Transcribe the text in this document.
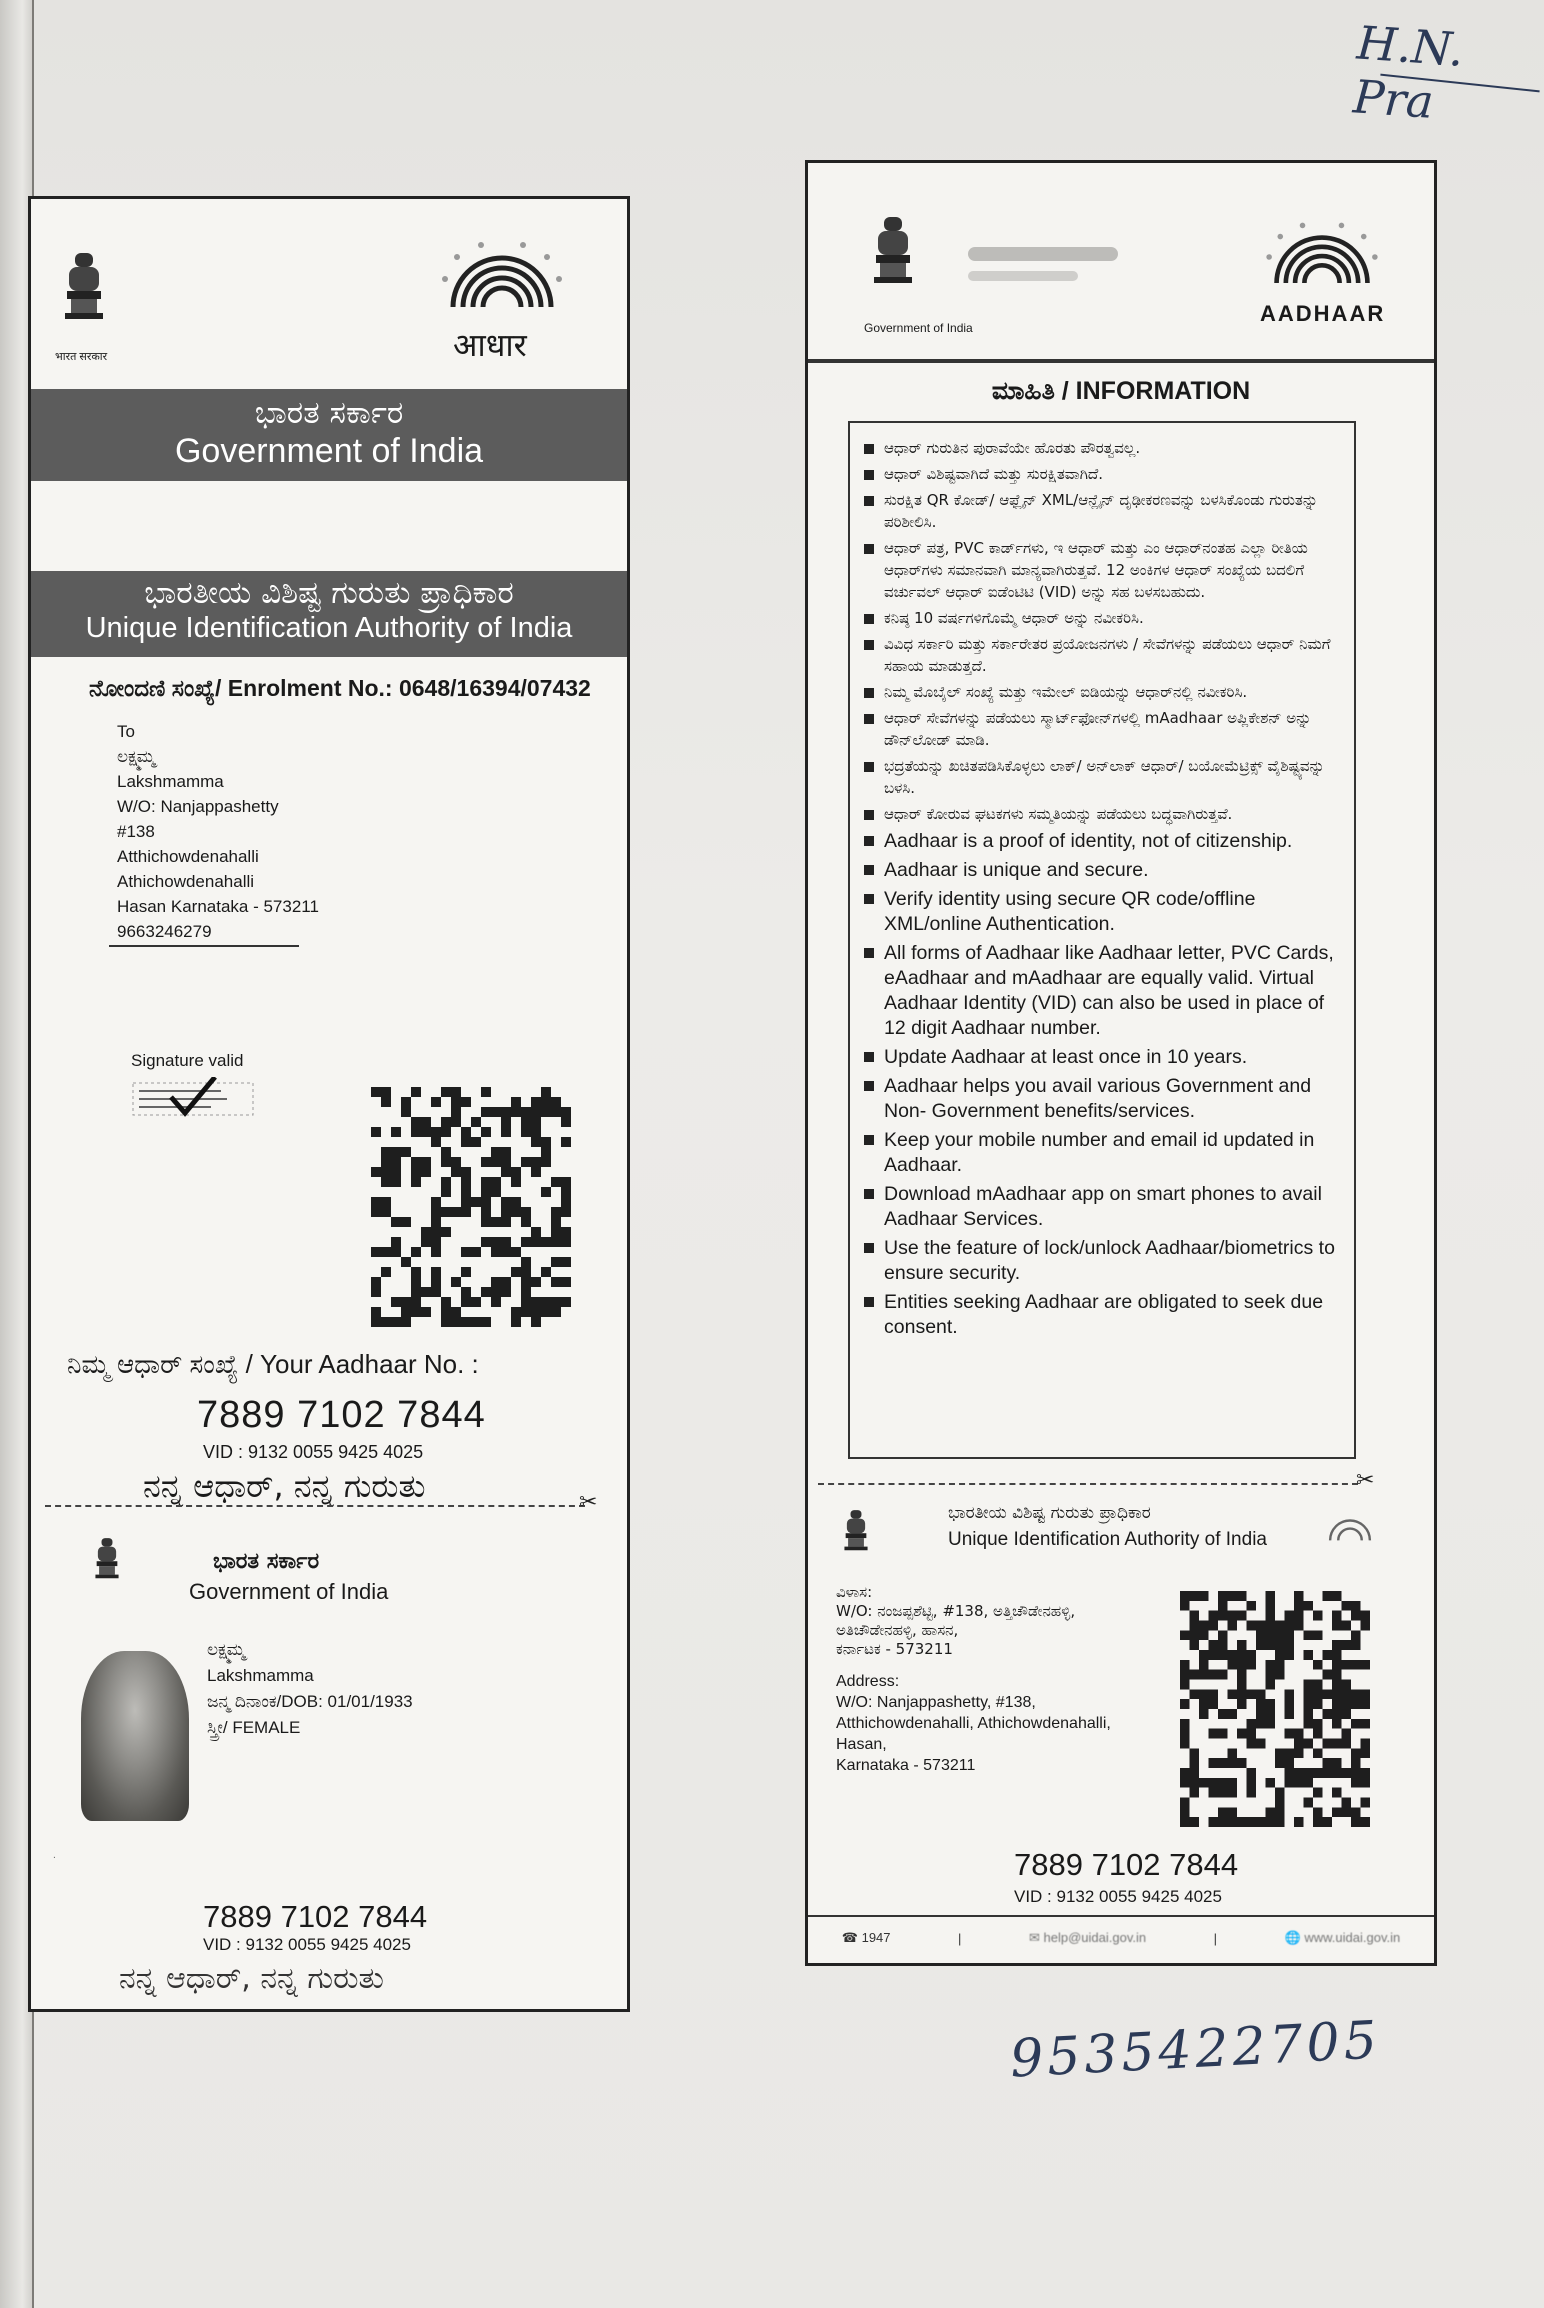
H.N. Pra
भारत सरकार	आधार
ಭಾರತ ಸರ್ಕಾರ
Government of India
ಭಾರತೀಯ ವಿಶಿಷ್ಟ ಗುರುತು ಪ್ರಾಧಿಕಾರ
Unique Identification Authority of India
ನೋಂದಣಿ ಸಂಖ್ಯೆ/ Enrolment No.: 0648/16394/07432
To
ಲಕ್ಷ್ಮಮ್ಮ
Lakshmamma
W/O: Nanjappashetty
#138
Atthichowdenahalli
Athichowdenahalli
Hasan Karnataka - 573211
9663246279
Signature valid
ನಿಮ್ಮ ಆಧಾರ್ ಸಂಖ್ಯೆ / Your Aadhaar No. :
7889 7102 7844
VID : 9132 0055 9425 4025
ನನ್ನ ಆಧಾರ್, ನನ್ನ ಗುರುತು	✂
ಭಾರತ ಸರ್ಕಾರ
Government of India
·
ಲಕ್ಷ್ಮಮ್ಮ
Lakshmamma
ಜನ್ಮ ದಿನಾಂಕ/DOB: 01/01/1933
ಸ್ತ್ರೀ/ FEMALE
7889 7102 7844
VID : 9132 0055 9425 4025
ನನ್ನ ಆಧಾರ್, ನನ್ನ ಗುರುತು
Government of India
AADHAAR
ಮಾಹಿತಿ / INFORMATION
ಆಧಾರ್ ಗುರುತಿನ ಪುರಾವೆಯೇ ಹೊರತು ಪೌರತ್ವವಲ್ಲ.
ಆಧಾರ್ ವಿಶಿಷ್ಟವಾಗಿದೆ ಮತ್ತು ಸುರಕ್ಷಿತವಾಗಿದೆ.
ಸುರಕ್ಷಿತ QR ಕೋಡ್/ ಆಫ್ಲೈನ್ XML/ಆನ್ಲೈನ್ ದೃಢೀಕರಣವನ್ನು ಬಳಸಿಕೊಂಡು ಗುರುತನ್ನು ಪರಿಶೀಲಿಸಿ.
ಆಧಾರ್ ಪತ್ರ, PVC ಕಾರ್ಡ್‌ಗಳು, ಇ ಆಧಾರ್ ಮತ್ತು ಎಂ ಆಧಾರ್‌ನಂತಹ ಎಲ್ಲಾ ರೀತಿಯ ಆಧಾರ್‌ಗಳು ಸಮಾನವಾಗಿ ಮಾನ್ಯವಾಗಿರುತ್ತವೆ. 12 ಅಂಕಿಗಳ ಆಧಾರ್ ಸಂಖ್ಯೆಯ ಬದಲಿಗೆ ವರ್ಚುವಲ್ ಆಧಾರ್ ಐಡೆಂಟಿಟಿ (VID) ಅನ್ನು ಸಹ ಬಳಸಬಹುದು.
ಕನಿಷ್ಠ 10 ವರ್ಷಗಳಿಗೊಮ್ಮೆ ಆಧಾರ್ ಅನ್ನು ನವೀಕರಿಸಿ.
ವಿವಿಧ ಸರ್ಕಾರಿ ಮತ್ತು ಸರ್ಕಾರೇತರ ಪ್ರಯೋಜನಗಳು / ಸೇವೆಗಳನ್ನು ಪಡೆಯಲು ಆಧಾರ್ ನಿಮಗೆ ಸಹಾಯ ಮಾಡುತ್ತದೆ.
ನಿಮ್ಮ ಮೊಬೈಲ್ ಸಂಖ್ಯೆ ಮತ್ತು ಇಮೇಲ್ ಐಡಿಯನ್ನು ಆಧಾರ್‌ನಲ್ಲಿ ನವೀಕರಿಸಿ.
ಆಧಾರ್ ಸೇವೆಗಳನ್ನು ಪಡೆಯಲು ಸ್ಮಾರ್ಟ್‌ಫೋನ್‌ಗಳಲ್ಲಿ mAadhaar ಅಪ್ಲಿಕೇಶನ್ ಅನ್ನು ಡೌನ್‌ಲೋಡ್ ಮಾಡಿ.
ಭದ್ರತೆಯನ್ನು ಖಚಿತಪಡಿಸಿಕೊಳ್ಳಲು ಲಾಕ್/ ಅನ್‌ಲಾಕ್ ಆಧಾರ್/ ಬಯೋಮೆಟ್ರಿಕ್ಸ್ ವೈಶಿಷ್ಟ್ಯವನ್ನು ಬಳಸಿ.
ಆಧಾರ್ ಕೋರುವ ಘಟಕಗಳು ಸಮ್ಮತಿಯನ್ನು ಪಡೆಯಲು ಬದ್ಧವಾಗಿರುತ್ತವೆ.
Aadhaar is a proof of identity, not of citizenship.
Aadhaar is unique and secure.
Verify identity using secure QR code/offline XML/online Authentication.
All forms of Aadhaar like Aadhaar letter, PVC Cards, eAadhaar and mAadhaar are equally valid. Virtual Aadhaar Identity (VID) can also be used in place of 12 digit Aadhaar number.
Update Aadhaar at least once in 10 years.
Aadhaar helps you avail various Government and Non- Government benefits/services.
Keep your mobile number and email id updated in Aadhaar.
Download mAadhaar app on smart phones to avail Aadhaar Services.
Use the feature of lock/unlock Aadhaar/biometrics to ensure security.
Entities seeking Aadhaar are obligated to seek due consent.
✂
ಭಾರತೀಯ ವಿಶಿಷ್ಟ ಗುರುತು ಪ್ರಾಧಿಕಾರ
Unique Identification Authority of India
ವಿಳಾಸ:
W/O: ನಂಜಪ್ಪಶೆಟ್ಟಿ, #138, ಅತ್ತಿಚೌಡೇನಹಳ್ಳಿ,
ಅತಿಚೌಡೇನಹಳ್ಳಿ, ಹಾಸನ,
ಕರ್ನಾಟಕ - 573211
Address:
W/O: Nanjappashetty, #138,
Atthichowdenahalli, Athichowdenahalli,
Hasan,
Karnataka - 573211
7889 7102 7844
VID : 9132 0055 9425 4025
☎ 1947	|	✉ help@uidai.gov.in	|	🌐 www.uidai.gov.in
9535422705
